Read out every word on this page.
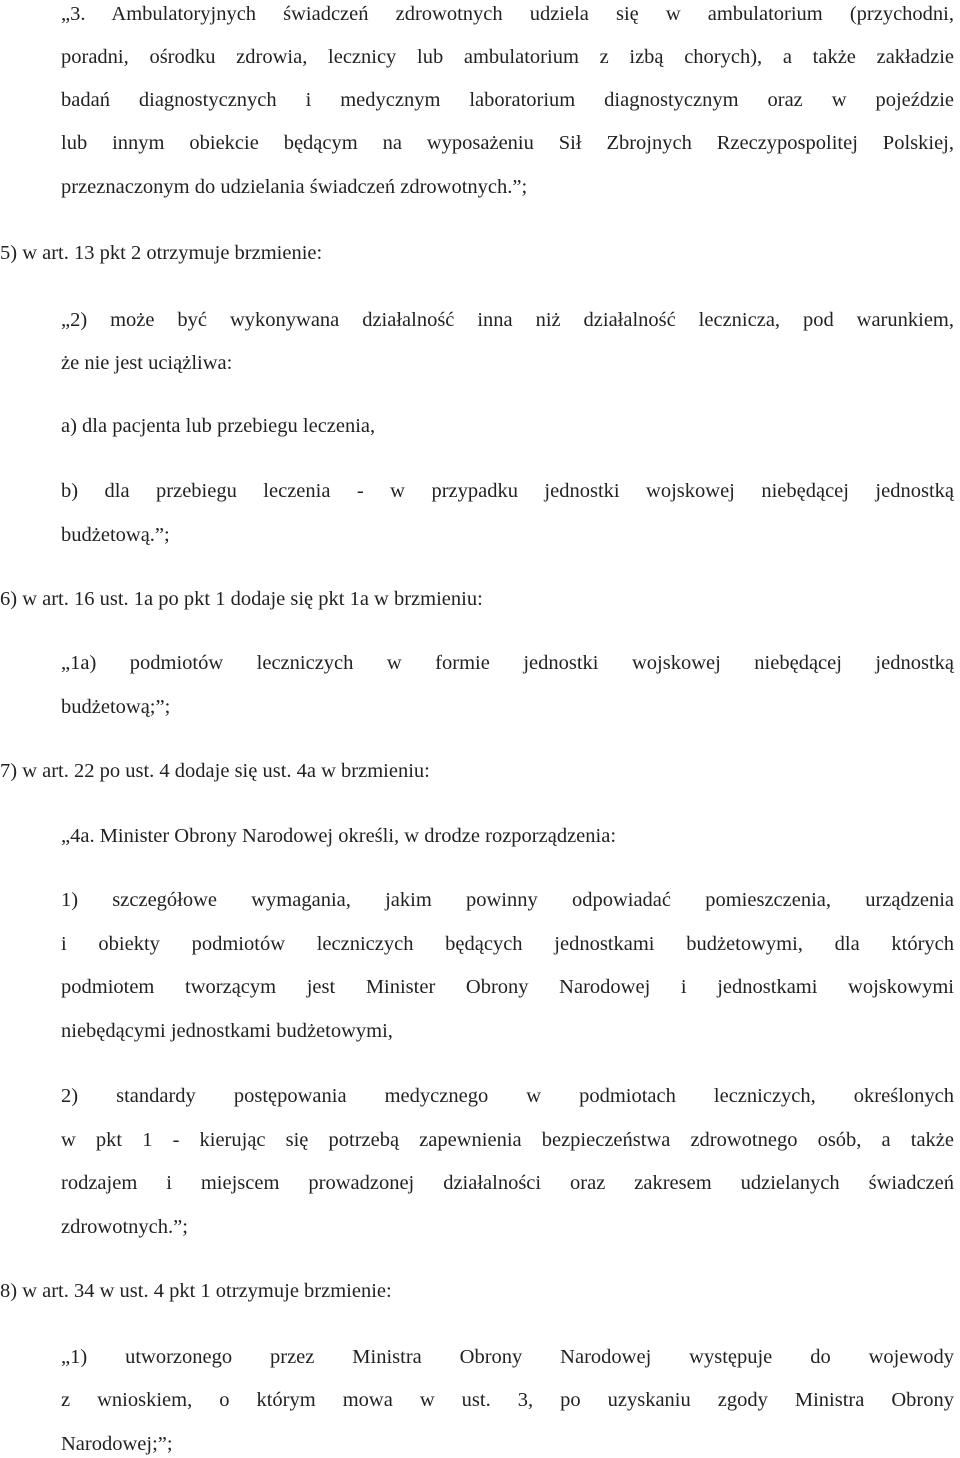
„3. Ambulatoryjnych świadczeń zdrowotnych udziela się w ambulatorium (przychodni,
poradni, ośrodku zdrowia, lecznicy lub ambulatorium z izbą chorych), a także zakładzie
badań diagnostycznych i medycznym laboratorium diagnostycznym oraz w pojeździe
lub innym obiekcie będącym na wyposażeniu Sił Zbrojnych Rzeczypospolitej Polskiej,
przeznaczonym do udzielania świadczeń zdrowotnych.”;
5) w art. 13 pkt 2 otrzymuje brzmienie:
„2) może być wykonywana działalność inna niż działalność lecznicza, pod warunkiem,
że nie jest uciążliwa:
a) dla pacjenta lub przebiegu leczenia,
b) dla przebiegu leczenia - w przypadku jednostki wojskowej niebędącej jednostką
budżetową.”;
6) w art. 16 ust. 1a po pkt 1 dodaje się pkt 1a w brzmieniu:
„1a) podmiotów leczniczych w formie jednostki wojskowej niebędącej jednostką
budżetową;”;
7) w art. 22 po ust. 4 dodaje się ust. 4a w brzmieniu:
„4a. Minister Obrony Narodowej określi, w drodze rozporządzenia:
1) szczegółowe wymagania, jakim powinny odpowiadać pomieszczenia, urządzenia
i obiekty podmiotów leczniczych będących jednostkami budżetowymi, dla których
podmiotem tworzącym jest Minister Obrony Narodowej i jednostkami wojskowymi
niebędącymi jednostkami budżetowymi,
2) standardy postępowania medycznego w podmiotach leczniczych, określonych
w pkt 1 - kierując się potrzebą zapewnienia bezpieczeństwa zdrowotnego osób, a także
rodzajem i miejscem prowadzonej działalności oraz zakresem udzielanych świadczeń
zdrowotnych.”;
8) w art. 34 w ust. 4 pkt 1 otrzymuje brzmienie:
„1) utworzonego przez Ministra Obrony Narodowej występuje do wojewody
z wnioskiem, o którym mowa w ust. 3, po uzyskaniu zgody Ministra Obrony
Narodowej;”;
